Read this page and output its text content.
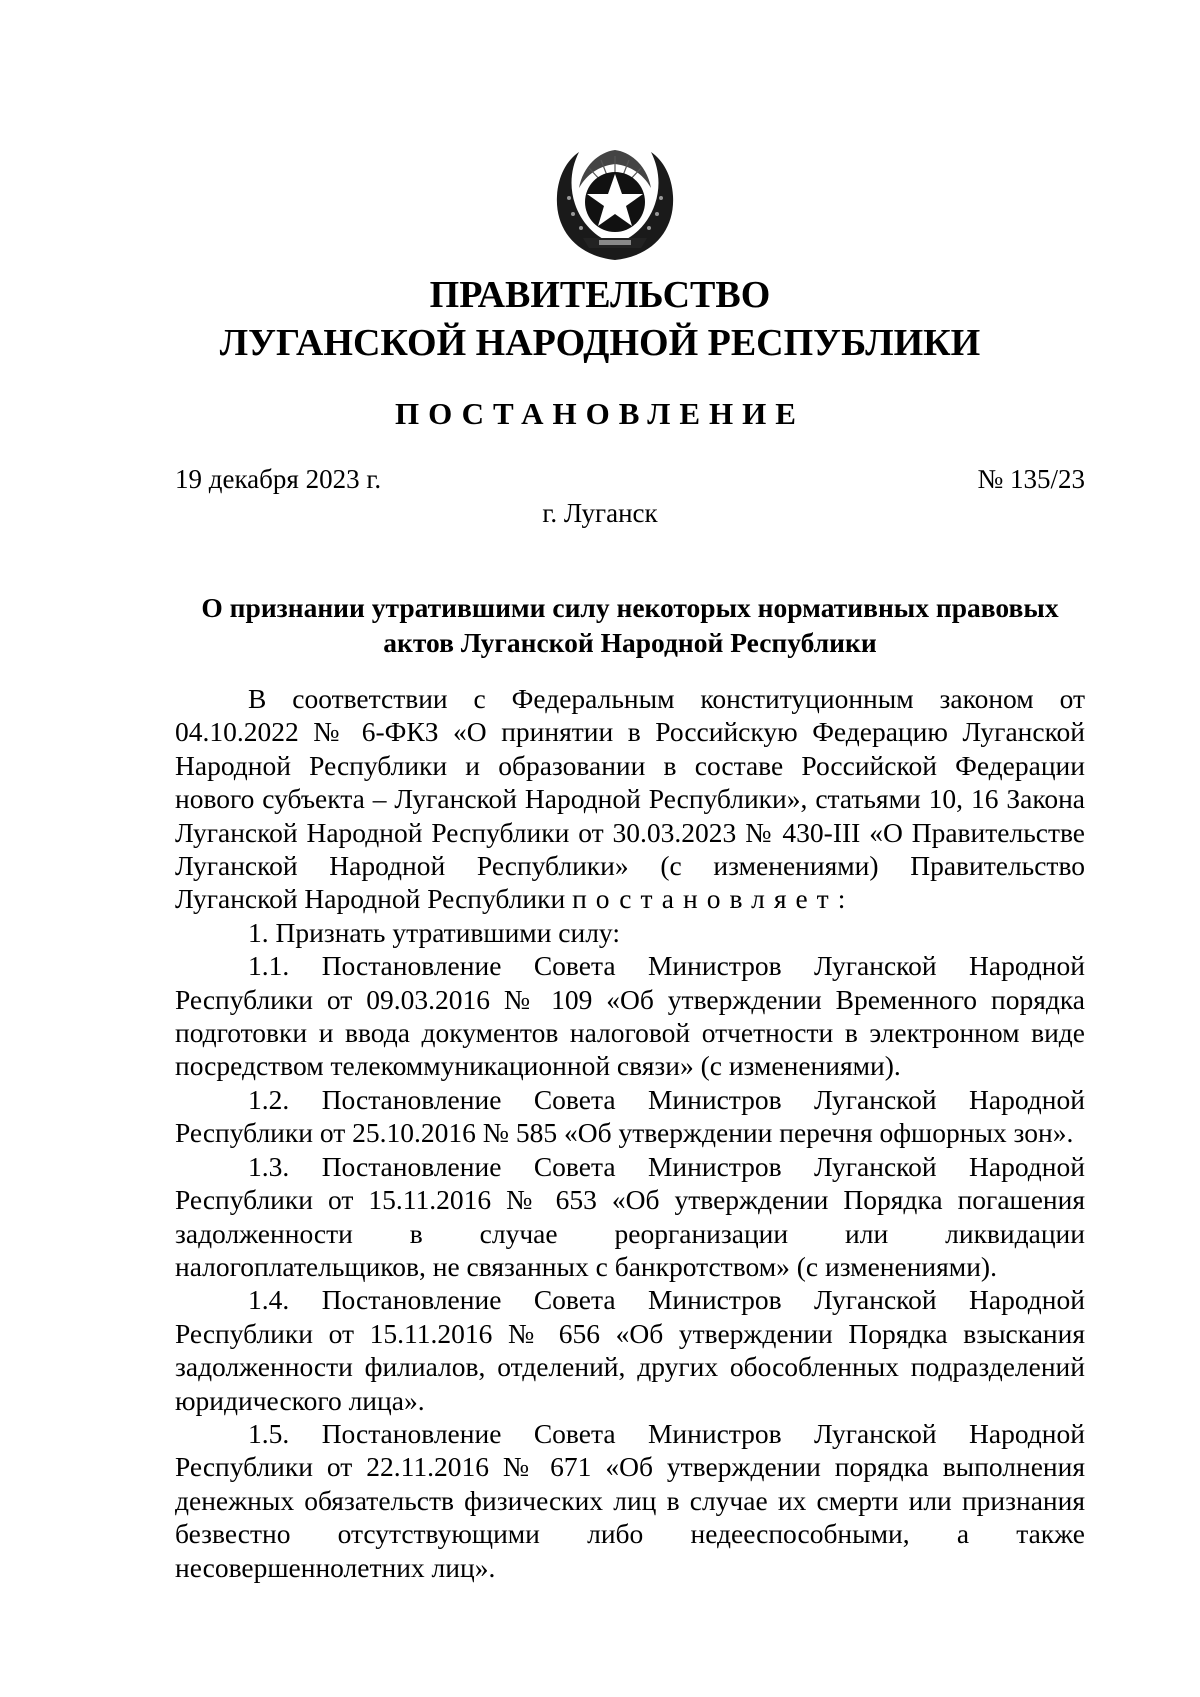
ПРАВИТЕЛЬСТВО
ЛУГАНСКОЙ НАРОДНОЙ РЕСПУБЛИКИ
ПОСТАНОВЛЕНИЕ
19 декабря 2023 г.	№ 135/23
г. Луганск
О признании утратившими силу некоторых нормативных правовых актов Луганской Народной Республики

В соответствии с Федеральным конституционным законом от 04.10.2022 № 6-ФКЗ «О принятии в Российскую Федерацию Луганской Народной Республики и образовании в составе Российской Федерации нового субъекта – Луганской Народной Республики», статьями 10, 16 Закона Луганской Народной Республики от 30.03.2023 № 430-III «О Правительстве Луганской Народной Республики» (с изменениями) Правительство Луганской Народной Республики постановляет:

1. Признать утратившими силу:

1.1. Постановление Совета Министров Луганской Народной Республики от 09.03.2016 № 109 «Об утверждении Временного порядка подготовки и ввода документов налоговой отчетности в электронном виде посредством телекоммуникационной связи» (с изменениями).

1.2. Постановление Совета Министров Луганской Народной Республики от 25.10.2016 № 585 «Об утверждении перечня офшорных зон».

1.3. Постановление Совета Министров Луганской Народной Республики от 15.11.2016 № 653 «Об утверждении Порядка погашения задолженности в случае реорганизации или ликвидации налогоплательщиков, не связанных с банкротством» (с изменениями).

1.4. Постановление Совета Министров Луганской Народной Республики от 15.11.2016 № 656 «Об утверждении Порядка взыскания задолженности филиалов, отделений, других обособленных подразделений юридического лица».

1.5. Постановление Совета Министров Луганской Народной Республики от 22.11.2016 № 671 «Об утверждении порядка выполнения денежных обязательств физических лиц в случае их смерти или признания безвестно отсутствующими либо недееспособными, а также несовершеннолетних лиц».
